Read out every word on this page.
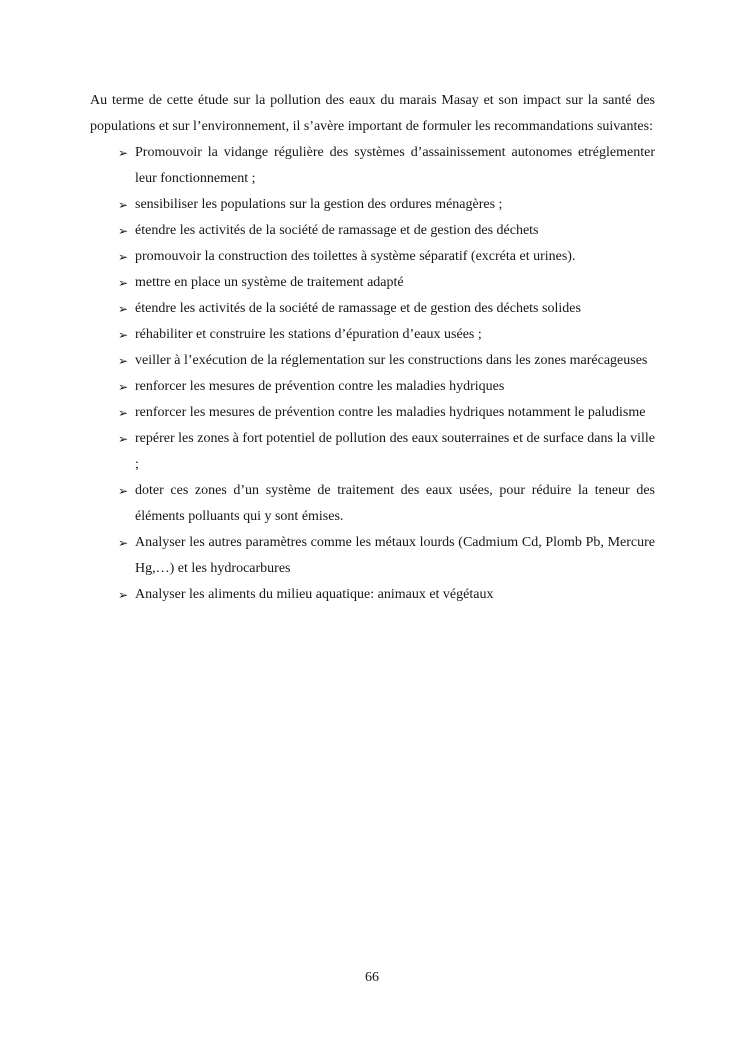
Au terme de cette étude sur la pollution des eaux du marais Masay et son impact sur la santé des populations et sur l’environnement, il s’avère important de formuler les recommandations suivantes:

➢ Promouvoir la vidange régulière des systèmes d’assainissement autonomes etréglementer leur fonctionnement ;
➢ sensibiliser les populations sur la gestion des ordures ménagères ;
➢ étendre les activités de la société de ramassage et de gestion des déchets
➢ promouvoir la construction des toilettes à système séparatif (excréta et urines).
➢ mettre en place un système de traitement adapté
➢ étendre les activités de la société de ramassage et de gestion des déchets solides
➢ réhabiliter et construire les stations d’épuration d’eaux usées ;
➢ veiller à l’exécution de la réglementation sur les constructions dans les zones marécageuses
➢ renforcer les mesures de prévention contre les maladies hydriques
➢ renforcer les mesures de prévention contre les maladies hydriques notamment le paludisme
➢ repérer les zones à fort potentiel de pollution des eaux souterraines et de surface dans la ville ;
➢ doter ces zones d’un système de traitement des eaux usées, pour réduire la teneur des éléments polluants qui y sont émises.
➢ Analyser les autres paramètres comme les métaux lourds (Cadmium Cd, Plomb Pb, Mercure Hg,…) et les hydrocarbures
➢ Analyser les aliments du milieu aquatique: animaux et végétaux
66
